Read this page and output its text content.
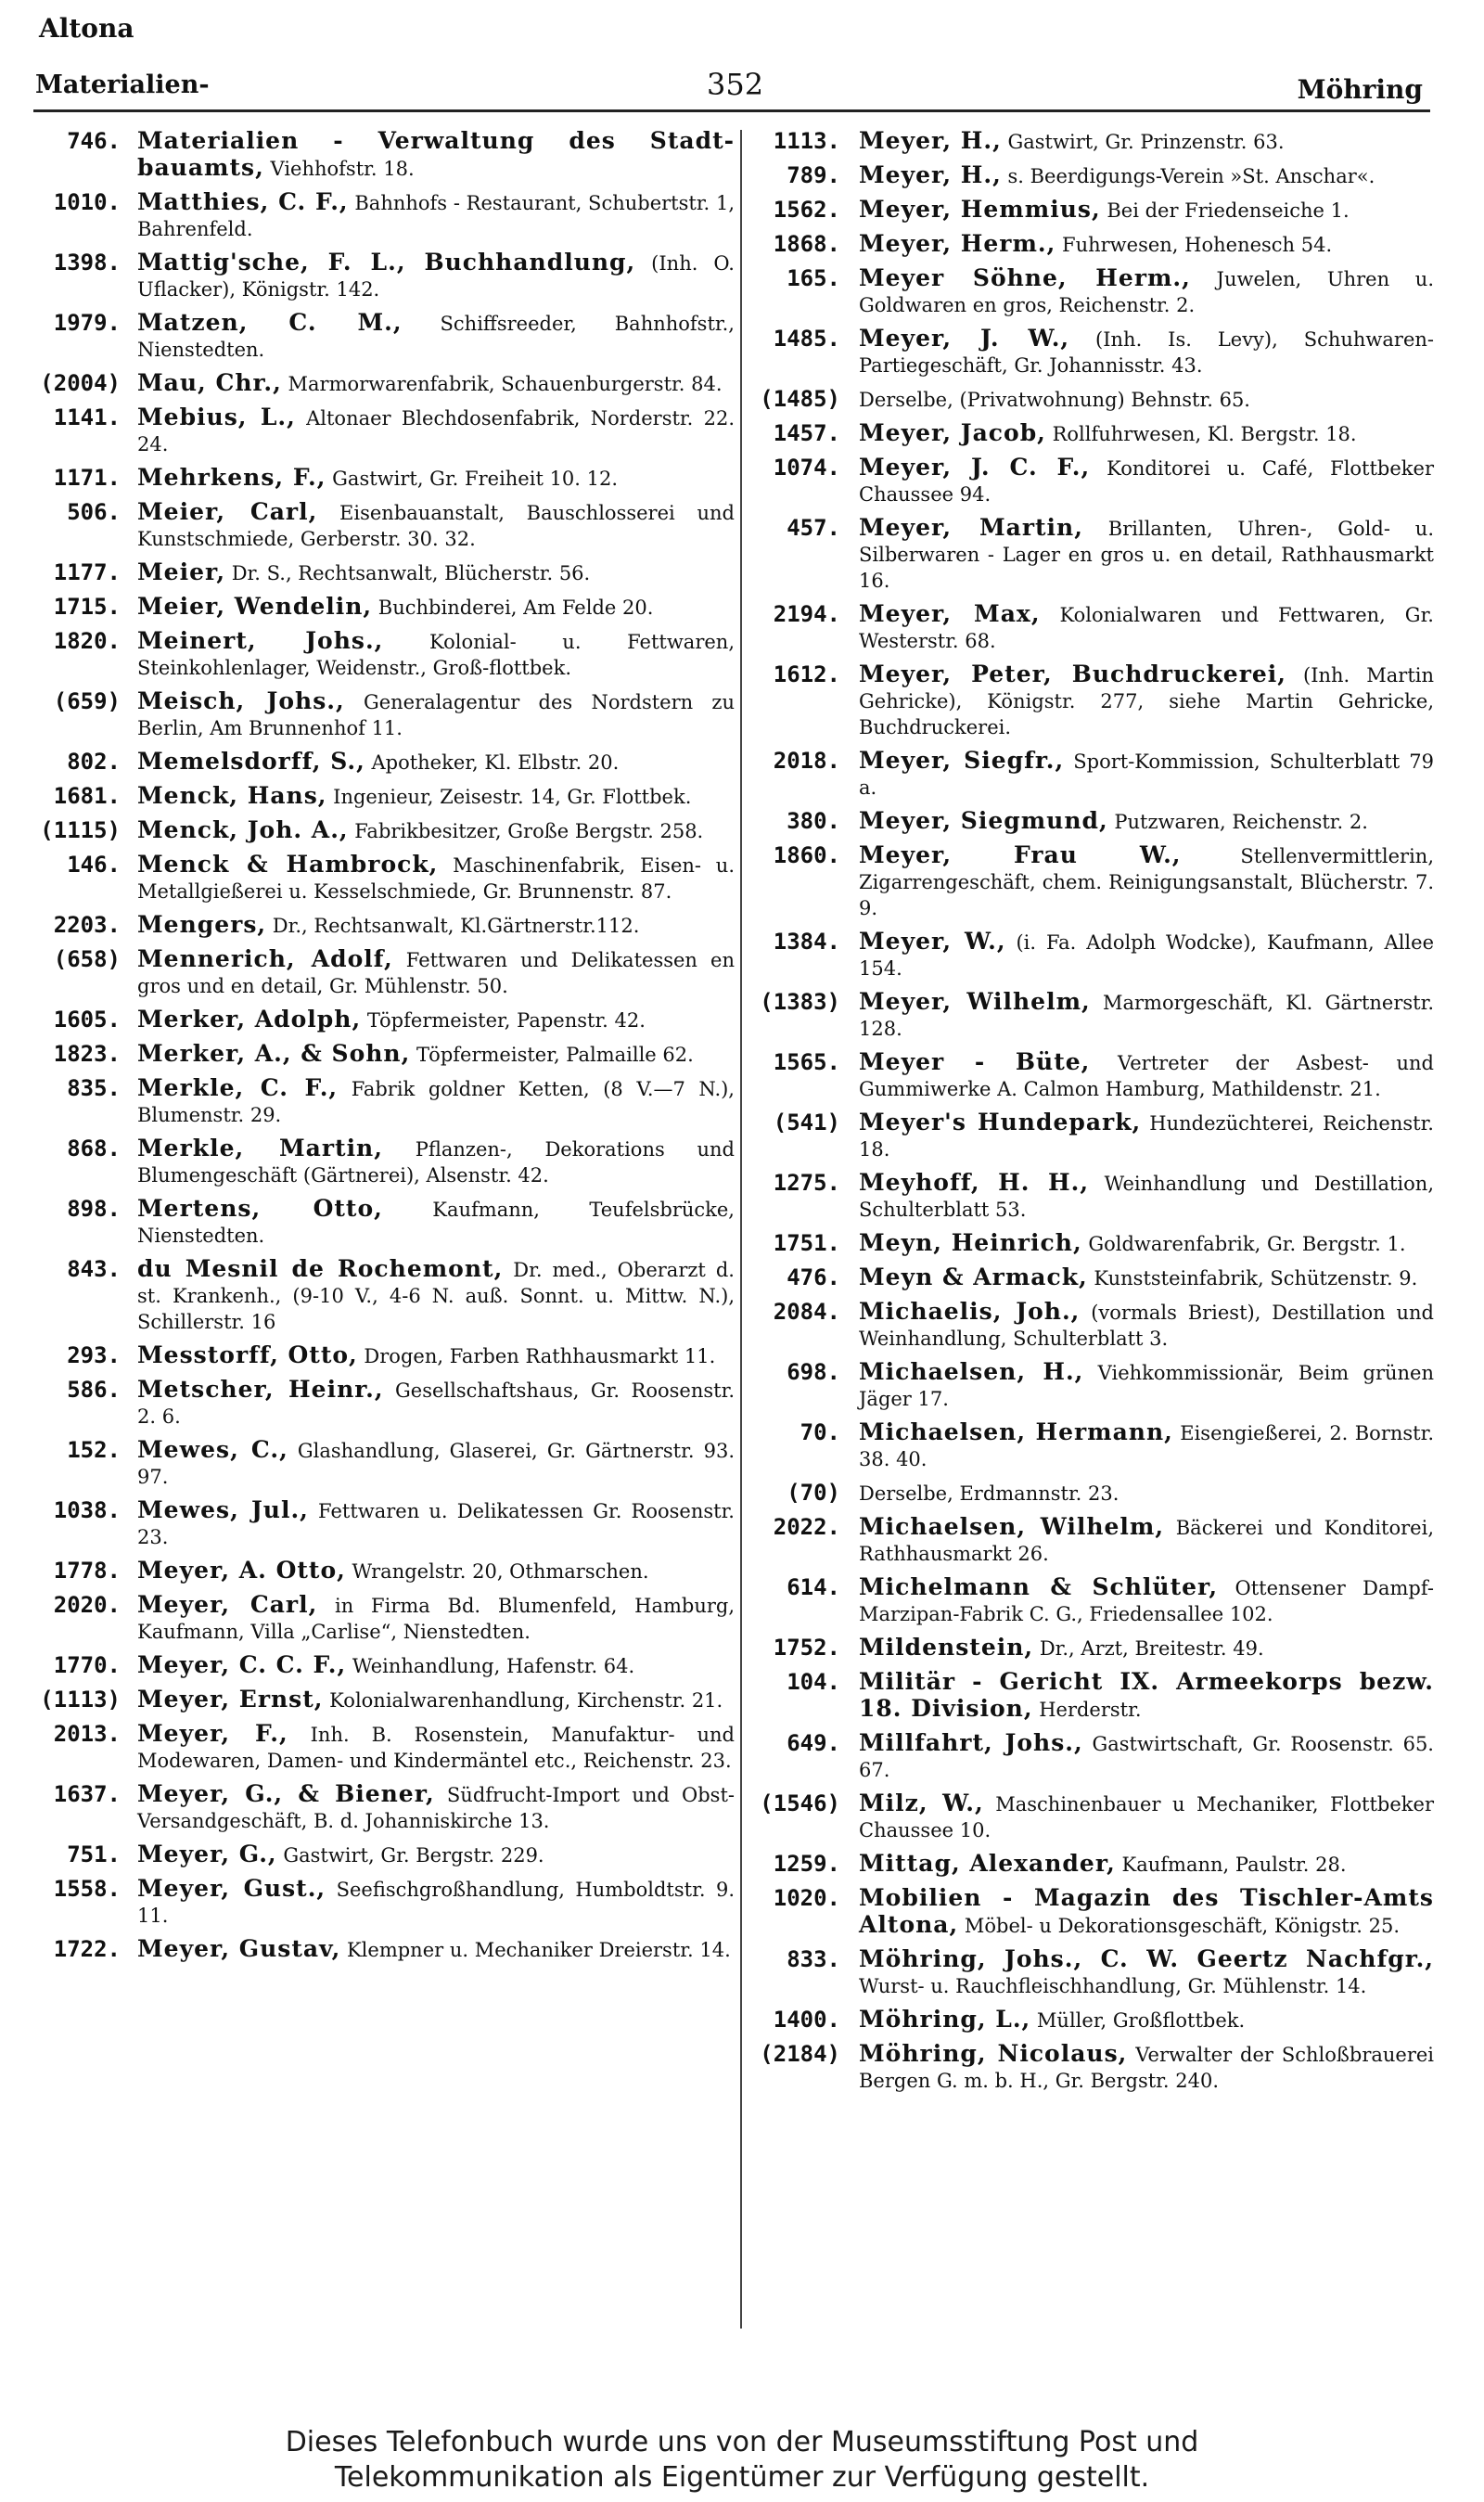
Altona
Materialien-	352	Möhring
746. Materialien - Verwaltung des Stadt-bauamts, Viehhofstr. 18.
1010. Matthies, C. F., Bahnhofs - Restaurant, Schubertstr. 1, Bahrenfeld.
1398. Mattig'sche, F. L., Buchhandlung, (Inh. O. Uflacker), Königstr. 142.
1979. Matzen, C. M., Schiffsreeder, Bahnhofstr., Nienstedten.
(2004) Mau, Chr., Marmorwarenfabrik, Schauenburgerstr. 84.
1141. Mebius, L., Altonaer Blechdosenfabrik, Norderstr. 22. 24.
1171. Mehrkens, F., Gastwirt, Gr. Freiheit 10. 12.
506. Meier, Carl, Eisenbauanstalt, Bauschlosserei und Kunstschmiede, Gerberstr. 30. 32.
1177. Meier, Dr. S., Rechtsanwalt, Blücherstr. 56.
1715. Meier, Wendelin, Buchbinderei, Am Felde 20.
1820. Meinert, Johs., Kolonial- u. Fettwaren, Steinkohlenlager, Weidenstr., Groß-flottbek.
(659) Meisch, Johs., Generalagentur des Nordstern zu Berlin, Am Brunnenhof 11.
802. Memelsdorff, S., Apotheker, Kl. Elbstr. 20.
1681. Menck, Hans, Ingenieur, Zeisestr. 14, Gr. Flottbek.
(1115) Menck, Joh. A., Fabrikbesitzer, Große Bergstr. 258.
146. Menck & Hambrock, Maschinenfabrik, Eisen- u. Metallgießerei u. Kesselschmiede, Gr. Brunnenstr. 87.
2203. Mengers, Dr., Rechtsanwalt, Kl.Gärtnerstr.112.
(658) Mennerich, Adolf, Fettwaren und Delikatessen en gros und en detail, Gr. Mühlenstr. 50.
1605. Merker, Adolph, Töpfermeister, Papenstr. 42.
1823. Merker, A., & Sohn, Töpfermeister, Palmaille 62.
835. Merkle, C. F., Fabrik goldner Ketten, (8 V.—7 N.), Blumenstr. 29.
868. Merkle, Martin, Pflanzen-, Dekorations und Blumengeschäft (Gärtnerei), Alsenstr. 42.
898. Mertens, Otto, Kaufmann, Teufelsbrücke, Nienstedten.
843. du Mesnil de Rochemont, Dr. med., Oberarzt d. st. Krankenh., (9-10 V., 4-6 N. auß. Sonnt. u. Mittw. N.), Schillerstr. 16
293. Messtorff, Otto, Drogen, Farben Rathhausmarkt 11.
586. Metscher, Heinr., Gesellschaftshaus, Gr. Roosenstr. 2. 6.
152. Mewes, C., Glashandlung, Glaserei, Gr. Gärtnerstr. 93. 97.
1038. Mewes, Jul., Fettwaren u. Delikatessen Gr. Roosenstr. 23.
1778. Meyer, A. Otto, Wrangelstr. 20, Othmarschen.
2020. Meyer, Carl, in Firma Bd. Blumenfeld, Hamburg, Kaufmann, Villa „Carlise“, Nienstedten.
1770. Meyer, C. C. F., Weinhandlung, Hafenstr. 64.
(1113) Meyer, Ernst, Kolonialwarenhandlung, Kirchenstr. 21.
2013. Meyer, F., Inh. B. Rosenstein, Manufaktur- und Modewaren, Damen- und Kindermäntel etc., Reichenstr. 23.
1637. Meyer, G., & Biener, Südfrucht-Import und Obst-Versandgeschäft, B. d. Johanniskirche 13.
751. Meyer, G., Gastwirt, Gr. Bergstr. 229.
1558. Meyer, Gust., Seefischgroßhandlung, Humboldtstr. 9. 11.
1722. Meyer, Gustav, Klempner u. Mechaniker Dreierstr. 14.
1113. Meyer, H., Gastwirt, Gr. Prinzenstr. 63.
789. Meyer, H., s. Beerdigungs-Verein »St. Anschar«.
1562. Meyer, Hemmius, Bei der Friedenseiche 1.
1868. Meyer, Herm., Fuhrwesen, Hohenesch 54.
165. Meyer Söhne, Herm., Juwelen, Uhren u. Goldwaren en gros, Reichenstr. 2.
1485. Meyer, J. W., (Inh. Is. Levy), Schuhwaren-Partiegeschäft, Gr. Johannisstr. 43.
(1485) Derselbe, (Privatwohnung) Behnstr. 65.
1457. Meyer, Jacob, Rollfuhrwesen, Kl. Bergstr. 18.
1074. Meyer, J. C. F., Konditorei u. Café, Flottbeker Chaussee 94.
457. Meyer, Martin, Brillanten, Uhren-, Gold- u. Silberwaren - Lager en gros u. en detail, Rathhausmarkt 16.
2194. Meyer, Max, Kolonialwaren und Fettwaren, Gr. Westerstr. 68.
1612. Meyer, Peter, Buchdruckerei, (Inh. Martin Gehricke), Königstr. 277, siehe Martin Gehricke, Buchdruckerei.
2018. Meyer, Siegfr., Sport-Kommission, Schulterblatt 79 a.
380. Meyer, Siegmund, Putzwaren, Reichenstr. 2.
1860. Meyer, Frau W., Stellenvermittlerin, Zigarrengeschäft, chem. Reinigungsanstalt, Blücherstr. 7. 9.
1384. Meyer, W., (i. Fa. Adolph Wodcke), Kaufmann, Allee 154.
(1383) Meyer, Wilhelm, Marmorgeschäft, Kl. Gärtnerstr. 128.
1565. Meyer - Büte, Vertreter der Asbest- und Gummiwerke A. Calmon Hamburg, Mathildenstr. 21.
(541) Meyer's Hundepark, Hundezüchterei, Reichenstr. 18.
1275. Meyhoff, H. H., Weinhandlung und Destillation, Schulterblatt 53.
1751. Meyn, Heinrich, Goldwarenfabrik, Gr. Bergstr. 1.
476. Meyn & Armack, Kunststeinfabrik, Schützenstr. 9.
2084. Michaelis, Joh., (vormals Briest), Destillation und Weinhandlung, Schulterblatt 3.
698. Michaelsen, H., Viehkommissionär, Beim grünen Jäger 17.
70. Michaelsen, Hermann, Eisengießerei, 2. Bornstr. 38. 40.
(70) Derselbe, Erdmannstr. 23.
2022. Michaelsen, Wilhelm, Bäckerei und Konditorei, Rathhausmarkt 26.
614. Michelmann & Schlüter, Ottensener Dampf-Marzipan-Fabrik C. G., Friedensallee 102.
1752. Mildenstein, Dr., Arzt, Breitestr. 49.
104. Militär - Gericht IX. Armeekorps bezw. 18. Division, Herderstr.
649. Millfahrt, Johs., Gastwirtschaft, Gr. Roosenstr. 65. 67.
(1546) Milz, W., Maschinenbauer u Mechaniker, Flottbeker Chaussee 10.
1259. Mittag, Alexander, Kaufmann, Paulstr. 28.
1020. Mobilien - Magazin des Tischler-Amts Altona, Möbel- u Dekorationsgeschäft, Königstr. 25.
833. Möhring, Johs., C. W. Geertz Nachfgr., Wurst- u. Rauchfleischhandlung, Gr. Mühlenstr. 14.
1400. Möhring, L., Müller, Großflottbek.
(2184) Möhring, Nicolaus, Verwalter der Schloßbrauerei Bergen G. m. b. H., Gr. Bergstr. 240.
Dieses Telefonbuch wurde uns von der Museumsstiftung Post und
Telekommunikation als Eigentümer zur Verfügung gestellt.
